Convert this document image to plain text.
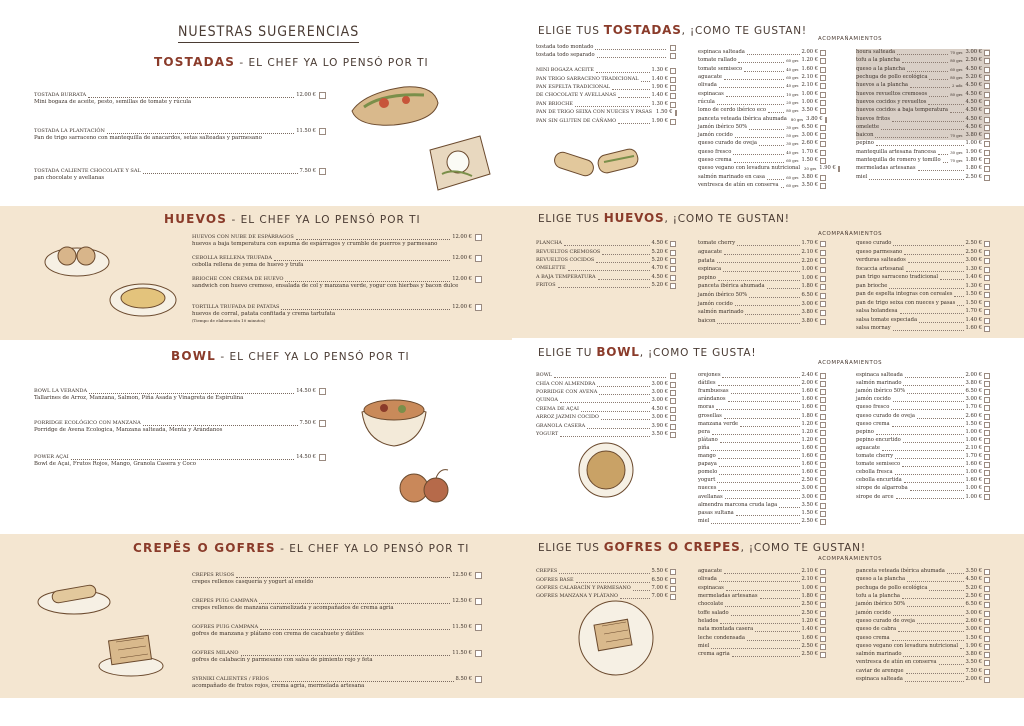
NUESTRAS SUGERENCIAS
TOSTADAS - EL CHEF YA LO PENSÓ POR TI
HUEVOS - EL CHEF YA LO PENSÓ POR TI
BOWL - EL CHEF YA LO PENSÓ POR TI
CREPÊS O GOFRES - EL CHEF YA LO PENSÓ POR TI
TOSTADA BURRATA	12.00 €
Mini bogaza de aceite, pesto, semillas de tomate y rúcula
TOSTADA LA PLANTACIÓN	11.50 €
Pan de trigo sarraceno con mantequilla de anacardos, setas salteadas y parmesano
TOSTADA CALIENTE CHOCOLATE Y SAL	7.50 €
pan chocolate y avellanas
HUEVOS CON NUBE DE ESPÁRRAGOS	12.00 €
huevos a baja temperatura con espuma de espárragos y crumble de puerros y parmesano
CEBOLLA RELLENA TRUFADA	12.00 €
cebolla rellena de yema de huevo y trufa
BRIOCHE CON CREMA DE HUEVO	12.00 €
sandwich con huevo cremoso, ensalada de col y manzana verde, yogur con hierbas y bacon dulce
TORTILLA TRUFADA DE PATATAS	12.00 €
huevos de corral, patata confitada y crema tartufata
(Tiempo de elaboración 10 minutos)
BOWL LA VERANDA	14.50 €
Tallarines de Arroz, Manzana, Salmon, Piña Asada y Vinagreta de Espirulina
PORRIDGE ECOLÓGICO CON MANZANA	7.50 €
Porridge de Avena Ecologica, Manzana salteada, Menta y Arándanos
POWER AÇAI	14.50 €
Bowl de Açai, Frutos Rojos, Mango, Granola Casera y Coco
CREPES RUSOS	12.50 €
crepes rellenos casquería y yogurt al eneldo
CREPES PUIG CAMPANA	12.50 €
crepes rellenos de manzana caramelizada y acompañados de crema agria
GOFRES PUIG CAMPANA	11.50 €
gofres de manzana y plátano con crema de cacahuete y dátiles
GOFRES MILANO	11.50 €
gofres de calabacín y parmesano con salsa de pimiento rojo y feta
SYRNIKI CALIENTES / FRÍOS	8.50 €
acompañado de frutos rojos, crema agria, mermelada artesana
ELIGE TUS TOSTADAS, ¡COMO TE GUSTAN!
ACOMPAÑAMIENTOS
ELIGE TUS HUEVOS, ¡COMO TE GUSTAN!
ACOMPAÑAMIENTOS
ELIGE TU BOWL, ¡COMO TE GUSTA!
ACOMPAÑAMIENTOS
ELIGE TUS GOFRES O CREPES, ¡COMO TE GUSTAN!
ACOMPAÑAMIENTOS
tostada todo montado
tostada todo separado
MINI BOGAZA ACEITE	1.30 €
PAN TRIGO SARRACENO TRADICIONAL 1.40 €
PAN ESPELTA TRADICIONAL	1.90 €
DE CHOCOLATE Y AVELLANAS	1.40 €
PAN BRIOCHE	1.30 €
PAN DE TRIGO SEIXA CON NUECES Y PASAS 1.50 €
PAN SIN GLUTEN DE CÁÑAMO	1.90 €
espinaca salteada	2.00 €
tomate rallado	60 grs 1.20 €
tomate semiseco	40 grs 1.60 €
aguacate	60 grs 2.10 €
olivada	40 grs 2.10 €
espinacas	10 grs 1.00 €
rúcula	20 grs 1.00 €
lomo de cerdo ibérico eco	80 grs 3.50 €
panceta veteada ibérica ahumada 80 grs 3.80 €
jamón ibérico 50%	30 grs 6.50 €
jamón cocido	50 grs 3.00 €
queso curado de oveja	30 grs 2.60 €
queso fresco	40 grs 1.70 €
queso crema	60 grs 1.50 €
queso vegano con levadura nutricional 30 grs 1.90 €
salmón marinado en casa	60 grs 3.80 €
ventresca de atún en conserva 60 grs 3.50 €
houra salteada	70 grs 3.00 €
tofu a la plancha	80 grs 2.50 €
queso a la plancha	60 grs 4.50 €
pechuga de pollo ecológica	80 grs 5.20 €
huevos a la plancha	2 uds 4.50 €
huevos revueltos cremosos	80 grs 4.50 €
huevos cocidos y revueltos	4.50 €
huevos cocidos a baja temperatura	4.50 €
huevos fritos	4.50 €
omelette	4.50 €
baicon	70 grs 3.80 €
pepino	1.00 €
mantequilla artesana francesa	30 grs 1.90 €
mantequilla de romero y tomillo	70 grs 1.80 €
mermeladas artesanas	1.80 €
miel	2.50 €
PLANCHA	4.50 €
REVUELTOS CREMOSOS	5.20 €
REVUELTOS COCIDOS	5.20 €
OMELETTE	4.70 €
A BAJA TEMPERATURA	4.50 €
FRITOS	5.20 €
tomate cherry	1.70 €
aguacate	2.10 €
patata	2.20 €
espinaca	1.00 €
pepino	1.00 €
panceta ibérica ahumada	1.80 €
jamón ibérico 50%	6.50 €
jamón cocido	3.00 €
salmón marinado	3.80 €
baicon	3.80 €
queso curado	2.50 €
queso parmesano	2.50 €
verduras salteados	3.00 €
focaccia artesanal	1.30 €
pan trigo sarraceno tradicional	1.40 €
pan brioche	1.30 €
pan de espelta integras con cereales	1.50 €
pan de trigo seixa con nueces y pasas 1.50 €
salsa holandesa	1.70 €
salsa tomate especiada	1.40 €
salsa mornay	1.60 €
BOWL
CHÍA CON ALMENDRA	3.00 €
PORRIDGE CON AVENA	3.00 €
QUINOA	3.00 €
CREMA DE AÇAI	4.50 €
ARROZ JAZMIN COCIDO	3.00 €
GRANOLA CASERA	3.90 €
YOGURT	3.50 €
orejones	2.40 €
dátiles	2.00 €
frambuesas	1.60 €
arándanos	1.60 €
moras	1.60 €
grosellas	1.80 €
manzana verde	1.20 €
pera	1.20 €
plátano	1.20 €
piña	1.60 €
mango	1.60 €
papaya	1.60 €
pomelo	1.60 €
yogurt	2.50 €
nueces	3.00 €
avellanas	3.00 €
almendra marcona cruda laga	3.50 €
pasas sultana	1.50 €
miel	2.50 €
espinaca salteada	2.00 €
salmón marinado	3.80 €
jamón ibérico 50%	6.50 €
jamón cocido	3.00 €
queso fresco	1.70 €
queso curado de oveja	2.60 €
queso crema	1.50 €
pepino	1.00 €
pepino encurtido	1.00 €
aguacate	2.10 €
tomate cherry	1.70 €
tomate semiseco	1.60 €
cebolla fresca	1.00 €
cebolla encurtida	1.60 €
sirope de algarroba	1.00 €
sirope de arce	1.00 €
CREPES	5.50 €
GOFRES BASE	6.50 €
GOFRES CALABACÍN Y PARMESANO	7.00 €
GOFRES MANZANA Y PLÁTANO	7.00 €
aguacate	2.10 €
olivada	2.10 €
espinacas	1.00 €
mermeladas artesanas	1.80 €
chocolate	2.50 €
toffe salado	2.50 €
helados	1.20 €
nata montada casera	1.40 €
leche condensada	1.60 €
miel	2.50 €
crema agria	2.50 €
panceta veteada ibérica ahumada	3.50 €
queso a la plancha	4.50 €
pechuga de pollo ecológica	5.20 €
tofu a la plancha	2.50 €
jamón ibérico 50%	6.50 €
jamón cocido	3.00 €
queso curado de oveja	2.60 €
queso de cabra	3.00 €
queso crema	1.50 €
queso vegano con levadura nutricional 1.90 €
salmón marinado	3.80 €
ventresca de atún en conserva	3.50 €
caviar de arenque	7.50 €
espinaca salteada	2.00 €
